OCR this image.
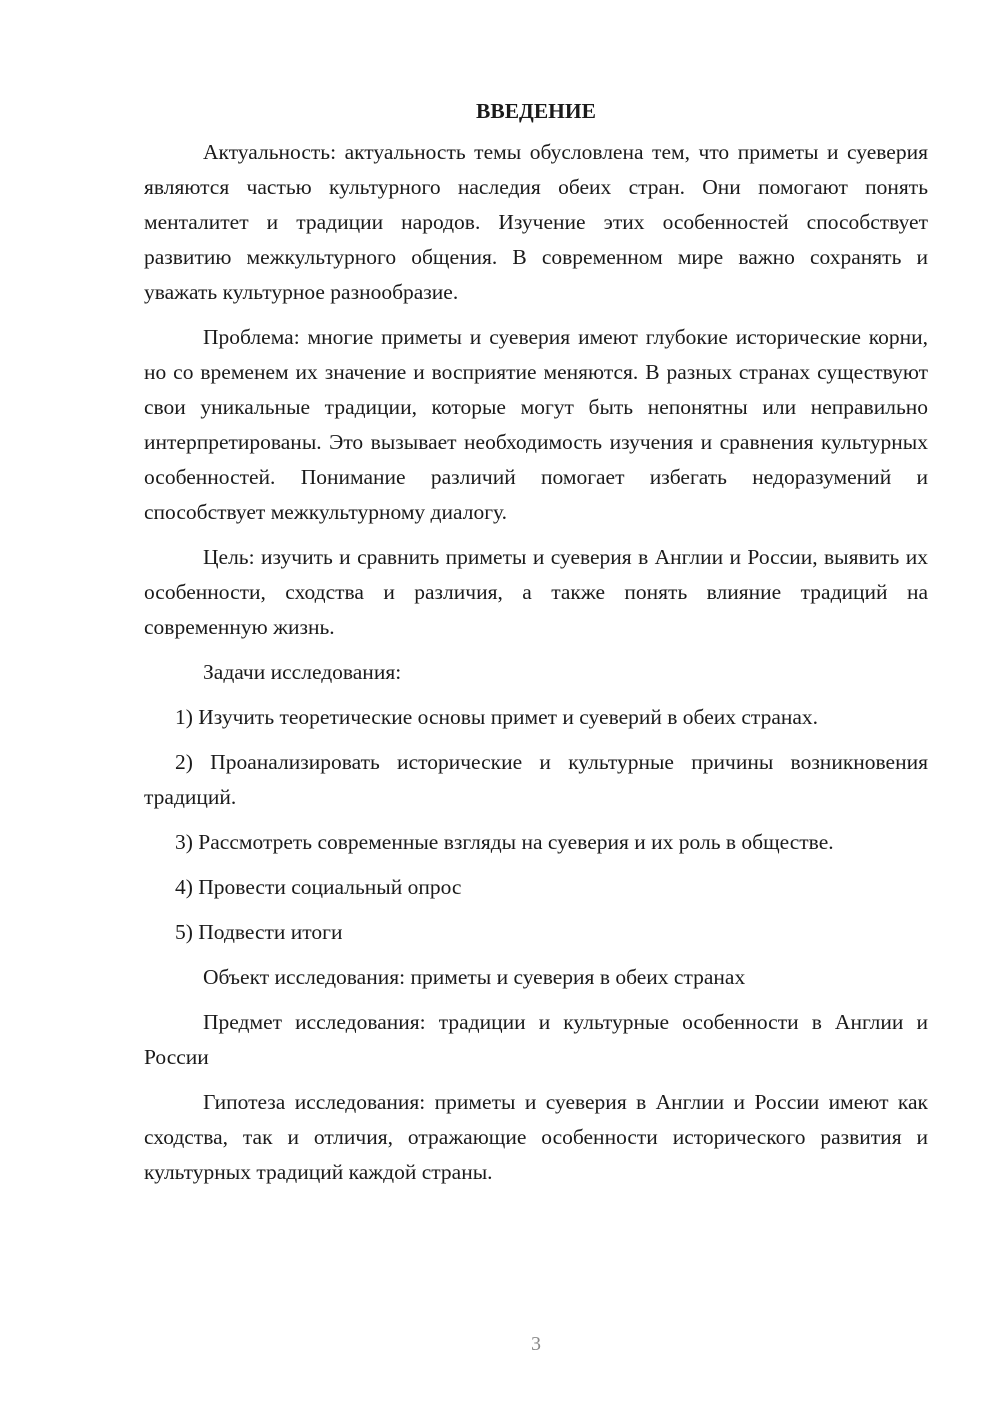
ВВЕДЕНИЕ

Актуальность: актуальность темы обусловлена тем, что приметы и суеверия являются частью культурного наследия обеих стран. Они помогают понять менталитет и традиции народов. Изучение этих особенностей способствует развитию межкультурного общения. В современном мире важно сохранять и уважать культурное разнообразие.

Проблема: многие приметы и суеверия имеют глубокие исторические корни, но со временем их значение и восприятие меняются. В разных странах существуют свои уникальные традиции, которые могут быть непонятны или неправильно интерпретированы. Это вызывает необходимость изучения и сравнения культурных особенностей. Понимание различий помогает избегать недоразумений и способствует межкультурному диалогу.

Цель: изучить и сравнить приметы и суеверия в Англии и России, выявить их особенности, сходства и различия, а также понять влияние традиций на современную жизнь.

Задачи исследования:

1) Изучить теоретические основы примет и суеверий в обеих странах.

2) Проанализировать исторические и культурные причины возникновения традиций.

3) Рассмотреть современные взгляды на суеверия и их роль в обществе.

4) Провести социальный опрос

5) Подвести итоги

Объект исследования: приметы и суеверия в обеих странах

Предмет исследования: традиции и культурные особенности в Англии и России

Гипотеза исследования: приметы и суеверия в Англии и России имеют как сходства, так и отличия, отражающие особенности исторического развития и культурных традиций каждой страны.

3
